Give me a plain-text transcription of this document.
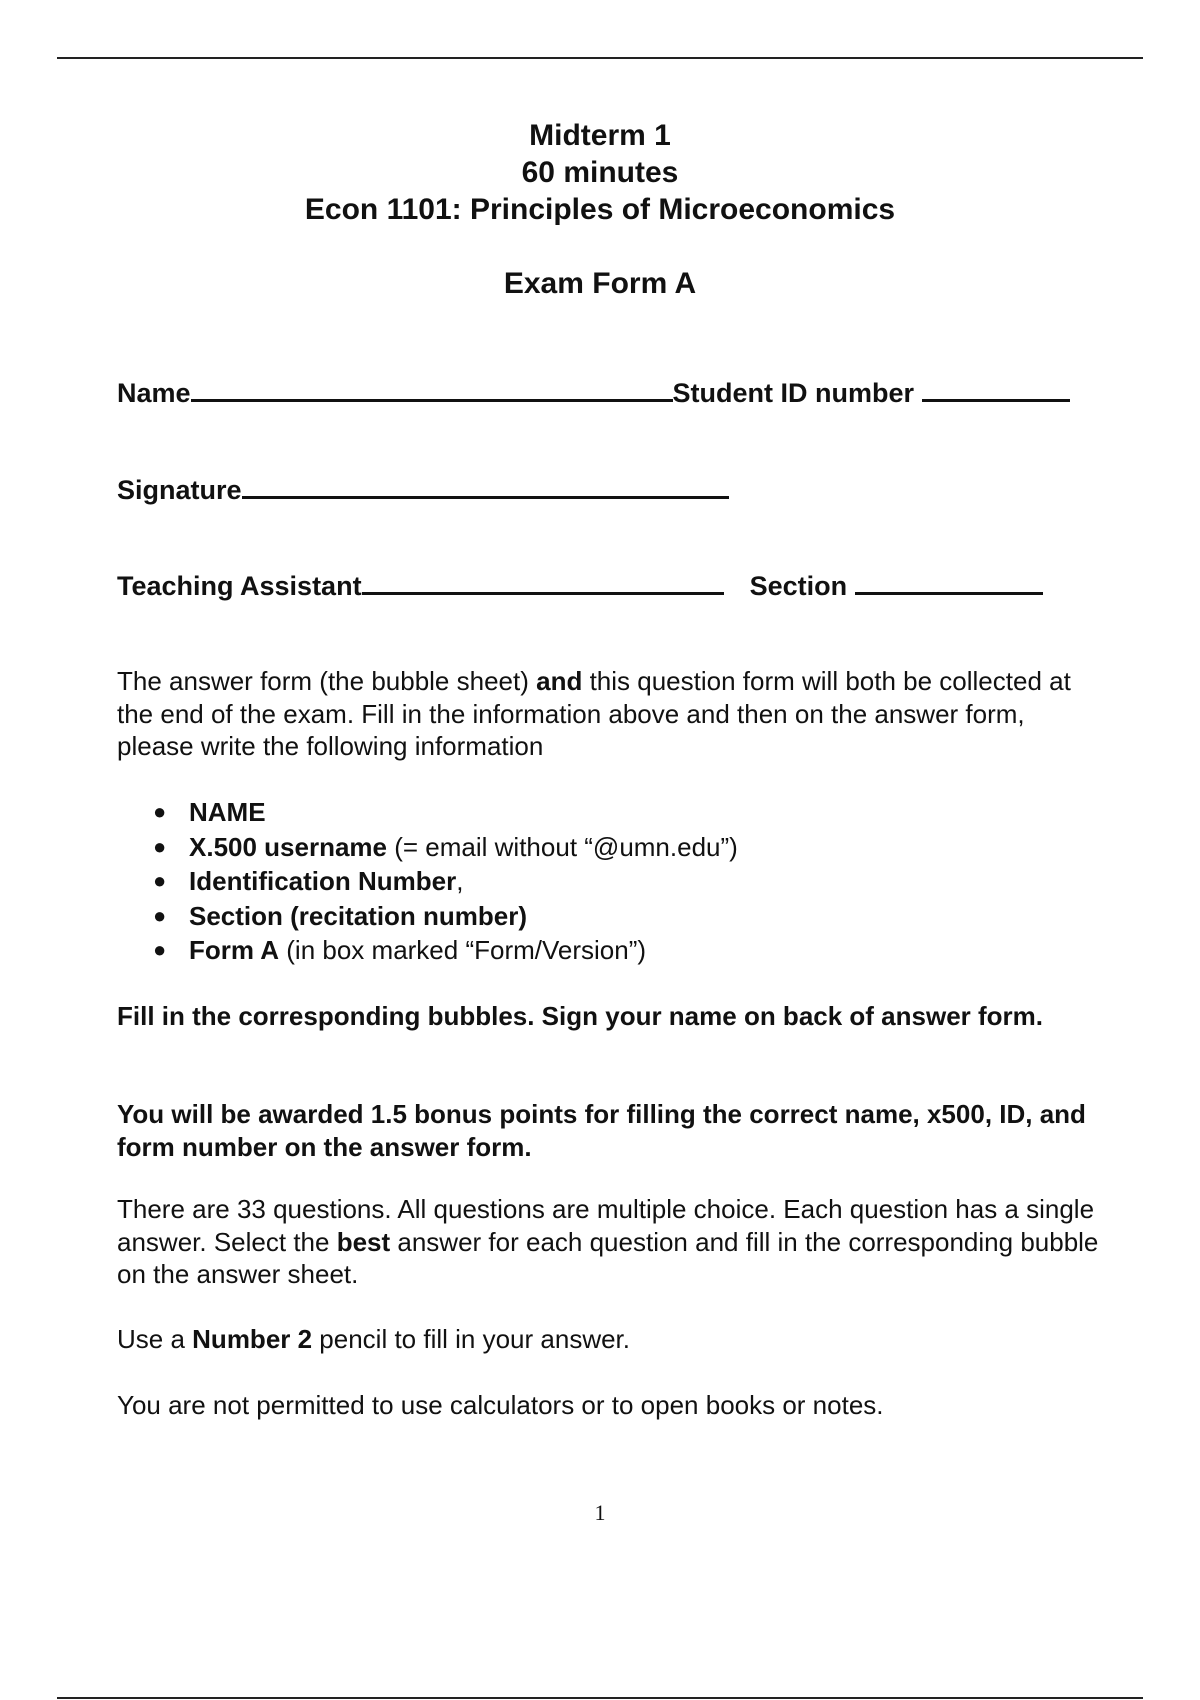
Midterm 1
60 minutes
Econ 1101: Principles of Microeconomics
Exam Form A
Name	Student ID number
Signature
Teaching Assistant	Section
The answer form (the bubble sheet) and this question form will both be collected at the end of the exam. Fill in the information above and then on the answer form, please write the following information
● NAME
● X.500 username (= email without “@umn.edu”)
● Identification Number,
● Section (recitation number)
● Form A (in box marked “Form/Version”)
Fill in the corresponding bubbles. Sign your name on back of answer form.
You will be awarded 1.5 bonus points for filling the correct name, x500, ID, and form number on the answer form.
There are 33 questions. All questions are multiple choice. Each question has a single answer. Select the best answer for each question and fill in the corresponding bubble on the answer sheet.
Use a Number 2 pencil to fill in your answer.
You are not permitted to use calculators or to open books or notes.
1
